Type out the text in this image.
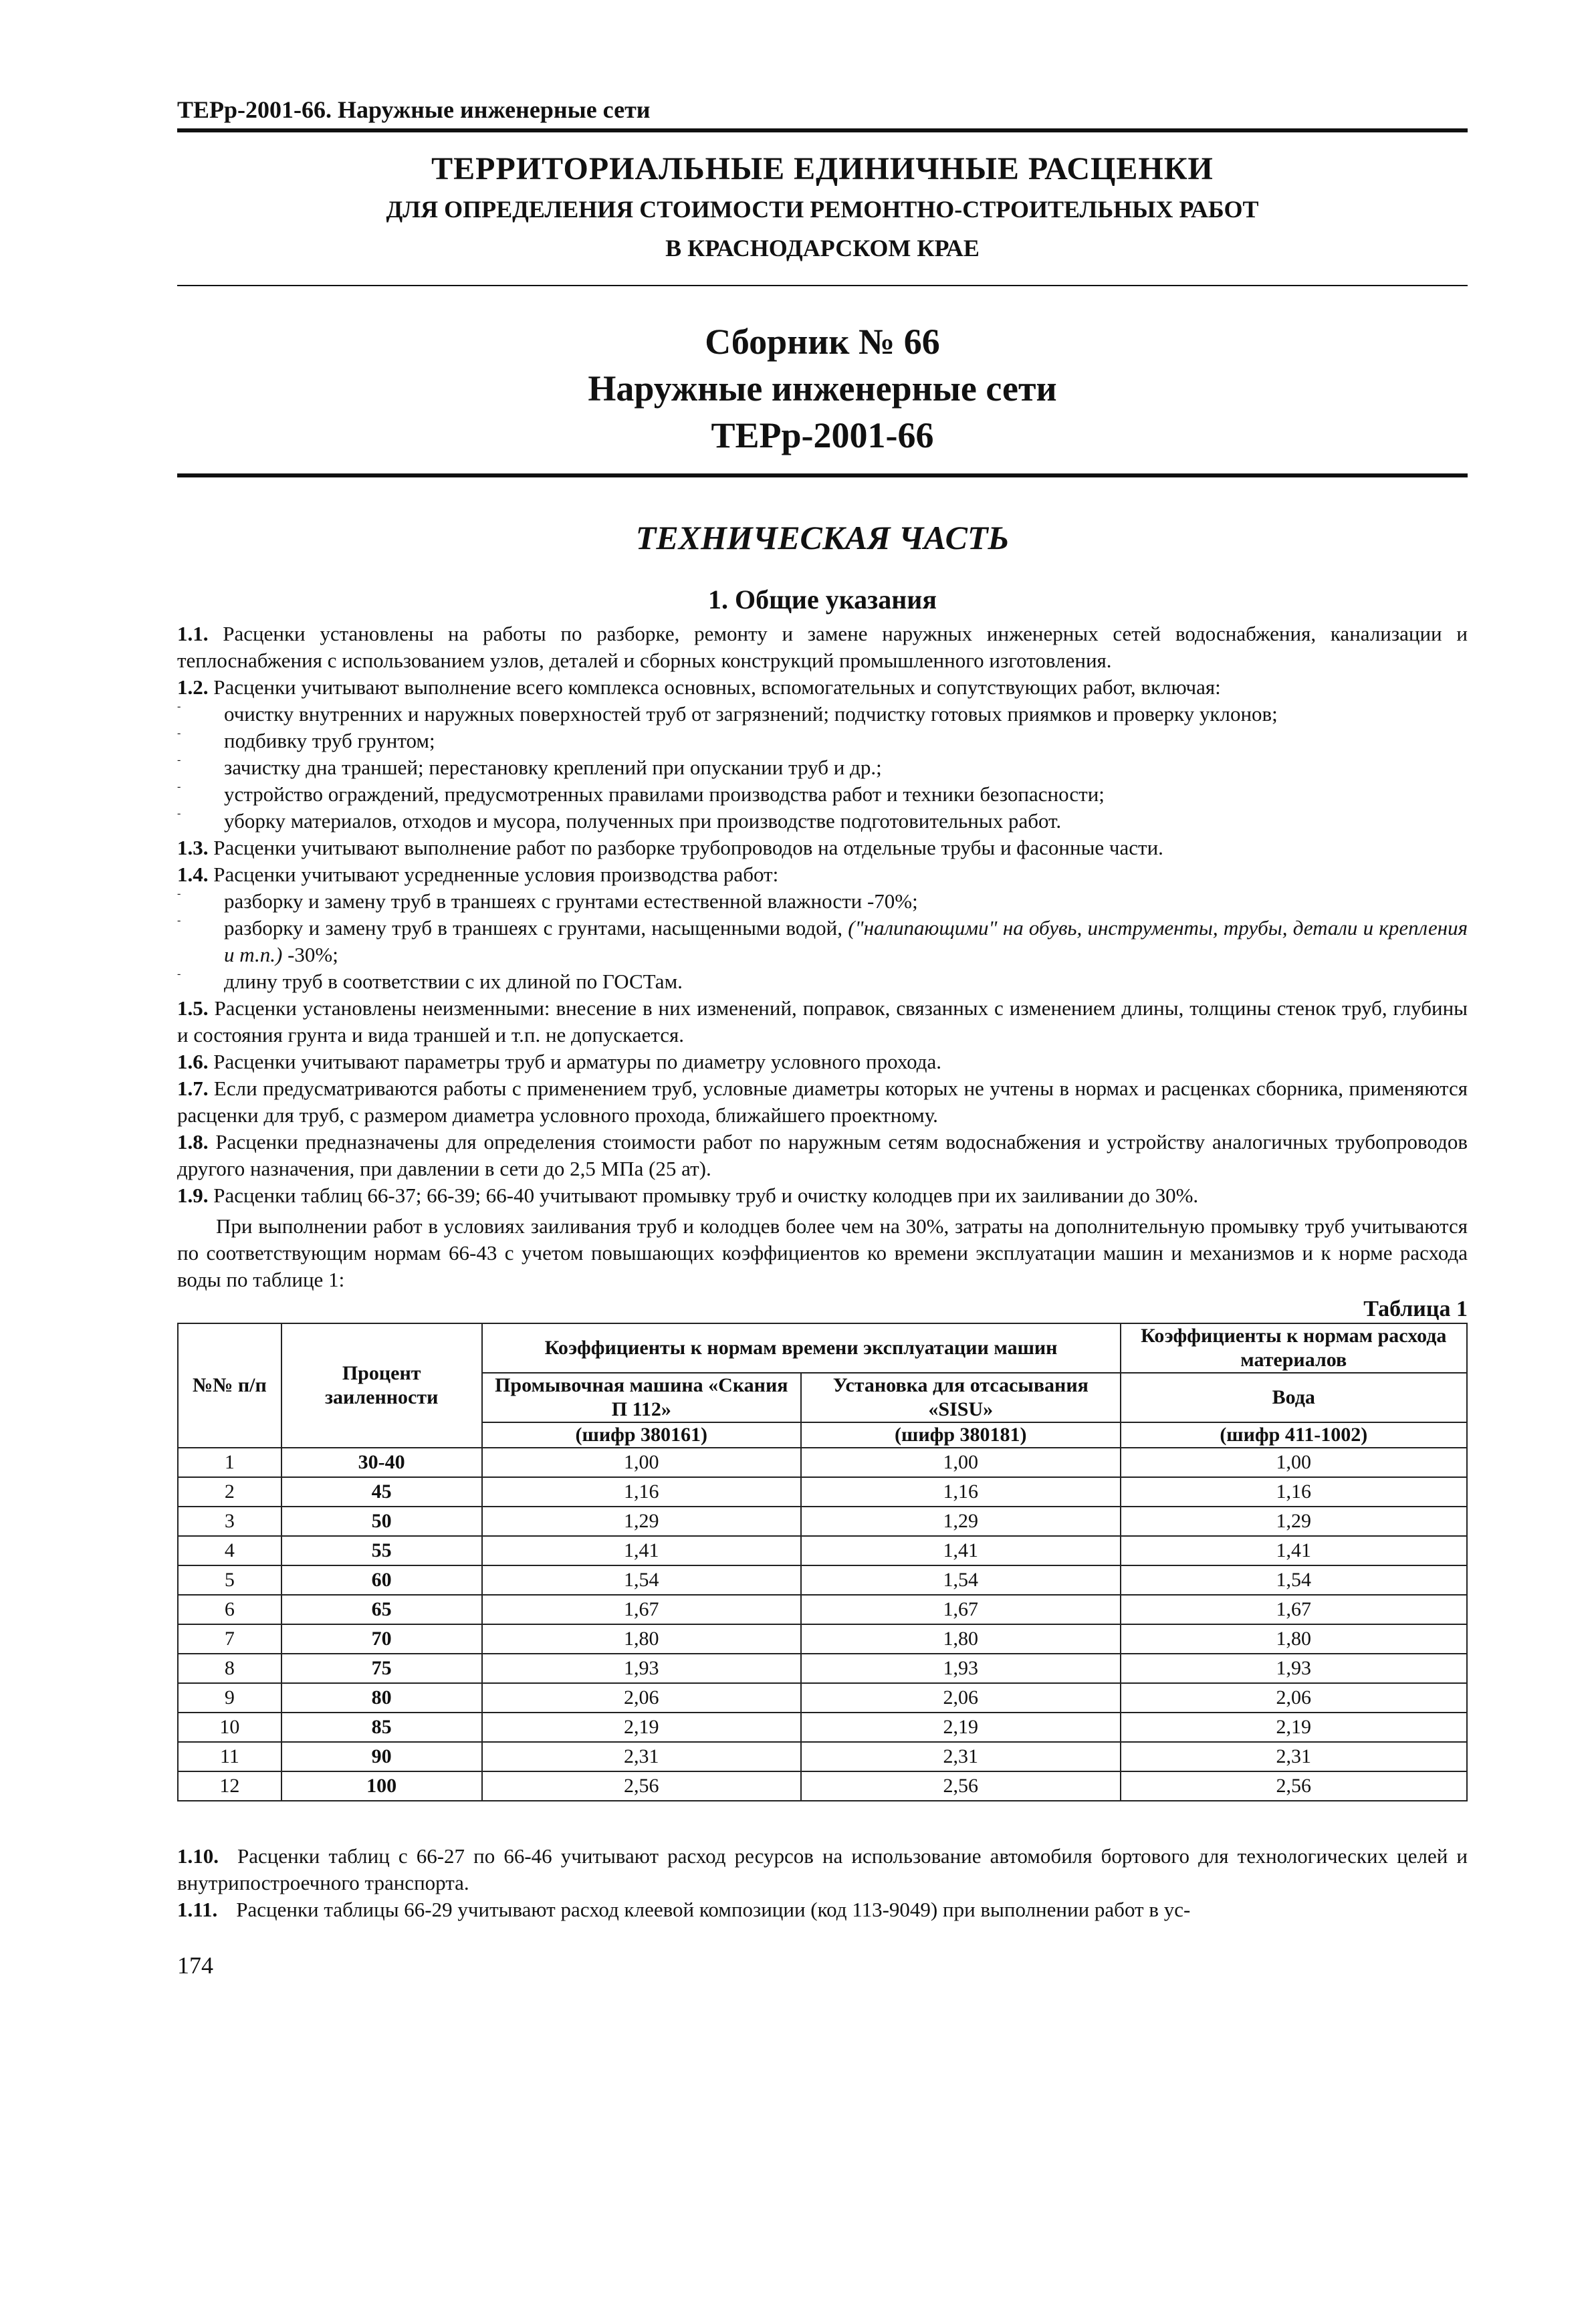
ТЕРр-2001-66. Наружные инженерные сети
ТЕРРИТОРИАЛЬНЫЕ ЕДИНИЧНЫЕ РАСЦЕНКИ
ДЛЯ ОПРЕДЕЛЕНИЯ СТОИМОСТИ РЕМОНТНО-СТРОИТЕЛЬНЫХ РАБОТ
В КРАСНОДАРСКОМ КРАЕ
Сборник № 66
Наружные инженерные сети
ТЕРр-2001-66
ТЕХНИЧЕСКАЯ ЧАСТЬ
1. Общие указания

1.1. Расценки установлены на работы по разборке, ремонту и замене наружных инженерных сетей водоснабжения, канализации и теплоснабжения с использованием узлов, деталей и сборных конструкций промышленного изготовления.

1.2. Расценки учитывают выполнение всего комплекса основных, вспомогательных и сопутствующих работ, включая:

-	очистку внутренних и наружных поверхностей труб от загрязнений; подчистку готовых приямков и проверку уклонов;

-	подбивку труб грунтом;

-	зачистку дна траншей; перестановку креплений при опускании труб и др.;

-	устройство ограждений, предусмотренных правилами производства работ и техники безопасности;

-	уборку материалов, отходов и мусора, полученных при производстве подготовительных работ.

1.3. Расценки учитывают выполнение работ по разборке трубопроводов на отдельные трубы и фасонные части.

1.4. Расценки учитывают усредненные условия производства работ:

-	разборку и замену труб в траншеях с грунтами естественной влажности -70%;

-	разборку и замену труб в траншеях с грунтами, насыщенными водой, ("налипающими" на обувь, инструменты, трубы, детали и крепления и т.п.) -30%;

-	длину труб в соответствии с их длиной по ГОСТам.

1.5. Расценки установлены неизменными: внесение в них изменений, поправок, связанных с изменением длины, толщины стенок труб, глубины и состояния грунта и вида траншей и т.п. не допускается.

1.6. Расценки учитывают параметры труб и арматуры по диаметру условного прохода.

1.7. Если предусматриваются работы с применением труб, условные диаметры которых не учтены в нормах и расценках сборника, применяются расценки для труб, с размером диаметра условного прохода, ближайшего проектному.

1.8. Расценки предназначены для определения стоимости работ по наружным сетям водоснабжения и устройству аналогичных трубопроводов другого назначения, при давлении в сети до 2,5 МПа (25 ат).

1.9. Расценки таблиц 66-37; 66-39; 66-40 учитывают промывку труб и очистку колодцев при их заиливании до 30%.

При выполнении работ в условиях заиливания труб и колодцев более чем на 30%, затраты на дополнительную промывку труб учитываются по соответствующим нормам 66-43 с учетом повышающих коэффициентов ко времени эксплуатации машин и механизмов и к норме расхода воды по таблице 1:

Таблица 1
№№ п/п	Процент заиленности	Коэффициенты к нормам времени эксплуатации машин		Коэффициенты к нормам расхода материалов
		Промывочная машина «Скания П 112»	Установка для отсасывания «SISU»	Вода
		(шифр 380161)	(шифр 380181)	(шифр 411-1002)
1	30-40	1,00	1,00	1,00
2	45	1,16	1,16	1,16
3	50	1,29	1,29	1,29
4	55	1,41	1,41	1,41
5	60	1,54	1,54	1,54
6	65	1,67	1,67	1,67
7	70	1,80	1,80	1,80
8	75	1,93	1,93	1,93
9	80	2,06	2,06	2,06
10	85	2,19	2,19	2,19
11	90	2,31	2,31	2,31
12	100	2,56	2,56	2,56

1.10. Расценки таблиц с 66-27 по 66-46 учитывают расход ресурсов на использование автомобиля бортового для технологических целей и внутрипостроечного транспорта.

1.11. Расценки таблицы 66-29 учитывают расход клеевой композиции (код 113-9049) при выполнении работ в ус-

174
